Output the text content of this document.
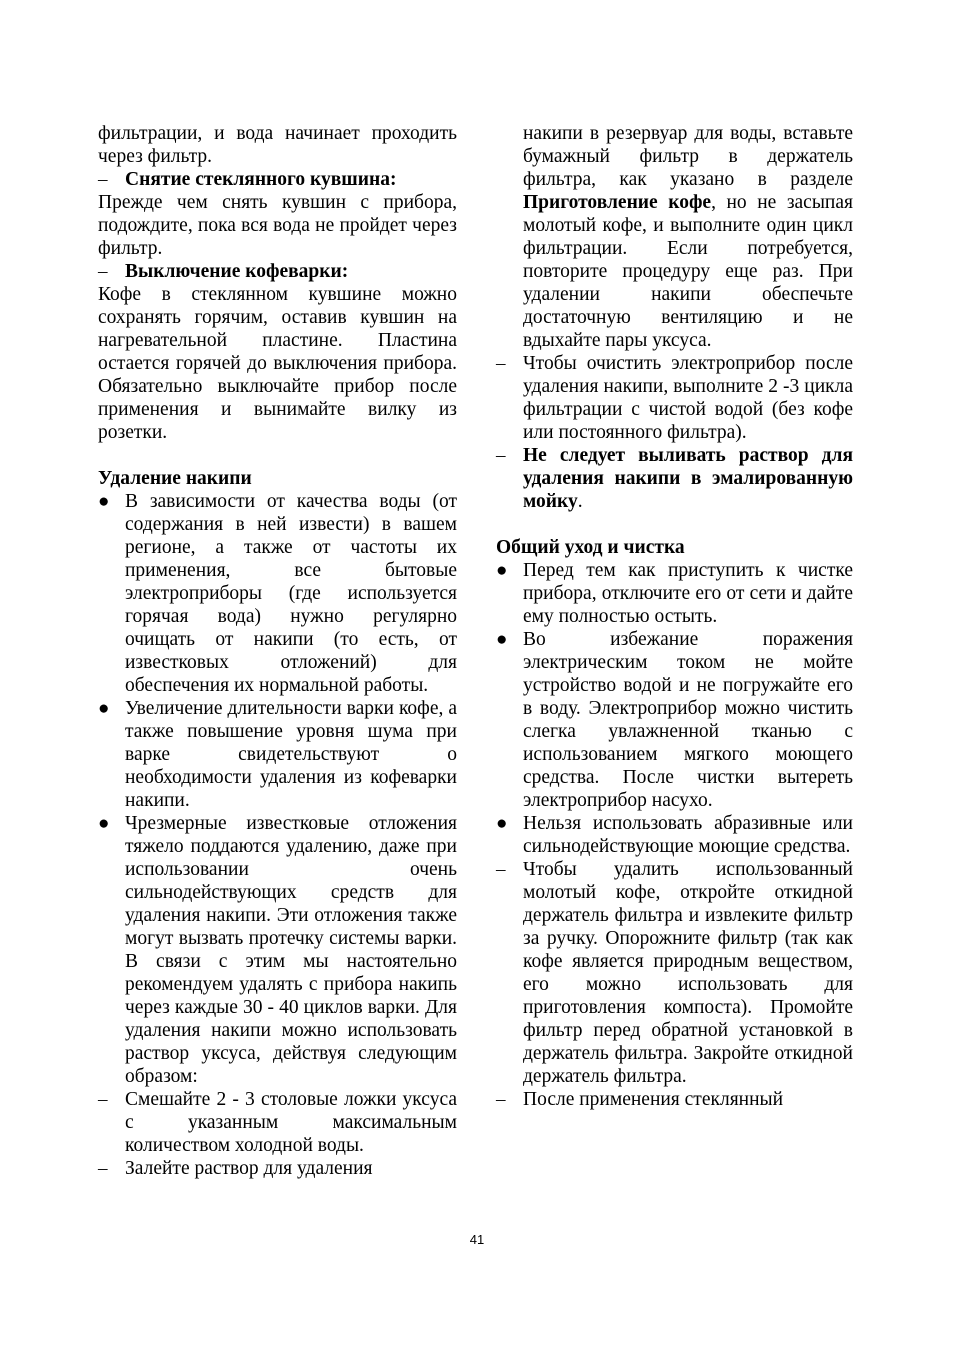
фильтрации, и вода начинает проходить через фильтр.

– Снятие стеклянного кувшина:

Прежде чем снять кувшин с прибора, подождите, пока вся вода не пройдет через фильтр.

– Выключение кофеварки:

Кофе в стеклянном кувшине можно сохранять горячим, оставив кувшин на нагревательной пластине. Пластина остается горячей до выключения прибора. Обязательно выключайте прибор после применения и вынимайте вилку из розетки.

Удаление накипи

● В зависимости от качества воды (от содержания в ней извести) в вашем регионе, а также от частоты их применения, все бытовые электроприборы (где используется горячая вода) нужно регулярно очищать от накипи (то есть, от известковых отложений) для обеспечения их нормальной работы.
● Увеличение длительности варки кофе, а также повышение уровня шума при варке свидетельствуют о необходимости удаления из кофеварки накипи.
● Чрезмерные известковые отложения тяжело поддаются удалению, даже при использовании очень сильнодействующих средств для удаления накипи. Эти отложения также могут вызвать протечку системы варки. В связи с этим мы настоятельно рекомендуем удалять с прибора накипь через каждые 30 - 40 циклов варки. Для удаления накипи можно использовать раствор уксуса, действуя следующим образом:
– Смешайте 2 - 3 столовые ложки уксуса с указанным максимальным количеством холодной воды.
– Залейте раствор для удаления
накипи в резервуар для воды, вставьте бумажный фильтр в держатель фильтра, как указано в разделе Приготовление кофе, но не засыпая молотый кофе, и выполните один цикл фильтрации. Если потребуется, повторите процедуру еще раз. При удалении накипи обеспечьте достаточную вентиляцию и не вдыхайте пары уксуса.
– Чтобы очистить электроприбор после удаления накипи, выполните 2 -3 цикла фильтрации с чистой водой (без кофе или постоянного фильтра).
– Не следует выливать раствор для удаления накипи в эмалированную мойку.

Общий уход и чистка

● Перед тем как приступить к чистке прибора, отключите его от сети и дайте ему полностью остыть.
● Во избежание поражения электрическим током не мойте устройство водой и не погружайте его в воду. Электроприбор можно чистить слегка увлажненной тканью с использованием мягкого моющего средства. После чистки вытереть электроприбор насухо.
● Нельзя использовать абразивные или сильнодействующие моющие средства.
– Чтобы удалить использованный молотый кофе, откройте откидной держатель фильтра и извлеките фильтр за ручку. Опорожните фильтр (так как кофе является природным веществом, его можно использовать для приготовления компоста). Промойте фильтр перед обратной установкой в держатель фильтра. Закройте откидной держатель фильтра.
– После применения стеклянный
41
